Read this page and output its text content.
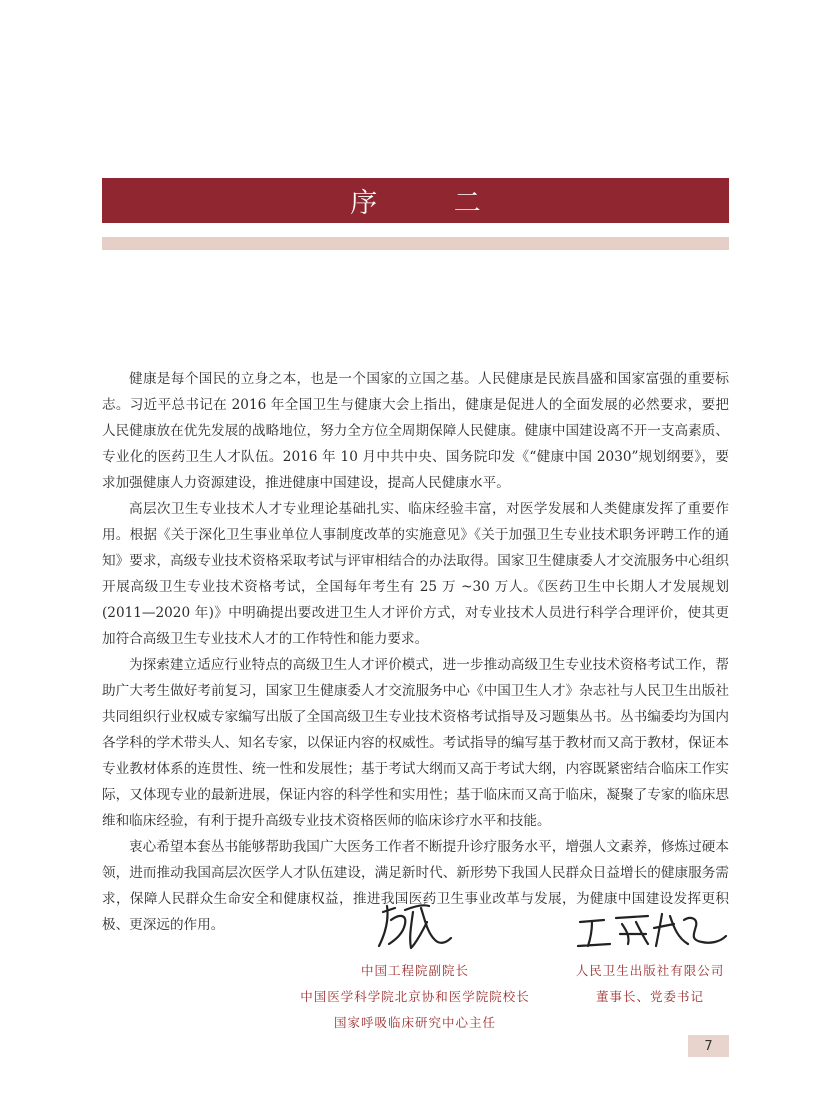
序 二

健康是每个国民的立身之本，也是一个国家的立国之基。人民健康是民族昌盛和国家富强的重要标志。习近平总书记在 2016 年全国卫生与健康大会上指出，健康是促进人的全面发展的必然要求，要把人民健康放在优先发展的战略地位，努力全方位全周期保障人民健康。健康中国建设离不开一支高素质、专业化的医药卫生人才队伍。2016 年 10 月中共中央、国务院印发《“健康中国 2030”规划纲要》，要求加强健康人力资源建设，推进健康中国建设，提高人民健康水平。

高层次卫生专业技术人才专业理论基础扎实、临床经验丰富，对医学发展和人类健康发挥了重要作用。根据《关于深化卫生事业单位人事制度改革的实施意见》《关于加强卫生专业技术职务评聘工作的通知》要求，高级专业技术资格采取考试与评审相结合的办法取得。国家卫生健康委人才交流服务中心组织开展高级卫生专业技术资格考试，全国每年考生有 25 万 ~30 万人。《医药卫生中长期人才发展规划(2011—2020 年)》中明确提出要改进卫生人才评价方式，对专业技术人员进行科学合理评价，使其更加符合高级卫生专业技术人才的工作特性和能力要求。

为探索建立适应行业特点的高级卫生人才评价模式，进一步推动高级卫生专业技术资格考试工作，帮助广大考生做好考前复习，国家卫生健康委人才交流服务中心《中国卫生人才》杂志社与人民卫生出版社共同组织行业权威专家编写出版了全国高级卫生专业技术资格考试指导及习题集丛书。丛书编委均为国内各学科的学术带头人、知名专家，以保证内容的权威性。考试指导的编写基于教材而又高于教材，保证本专业教材体系的连贯性、统一性和发展性；基于考试大纲而又高于考试大纲，内容既紧密结合临床工作实际，又体现专业的最新进展，保证内容的科学性和实用性；基于临床而又高于临床，凝聚了专家的临床思维和临床经验，有利于提升高级专业技术资格医师的临床诊疗水平和技能。

衷心希望本套丛书能够帮助我国广大医务工作者不断提升诊疗服务水平，增强人文素养，修炼过硬本领，进而推动我国高层次医学人才队伍建设，满足新时代、新形势下我国人民群众日益增长的健康服务需求，保障人民群众生命安全和健康权益，推进我国医药卫生事业改革与发展，为健康中国建设发挥更积极、更深远的作用。

中国工程院副院长
中国医学科学院北京协和医学院院校长
国家呼吸临床研究中心主任
人民卫生出版社有限公司
董事长、党委书记
7
